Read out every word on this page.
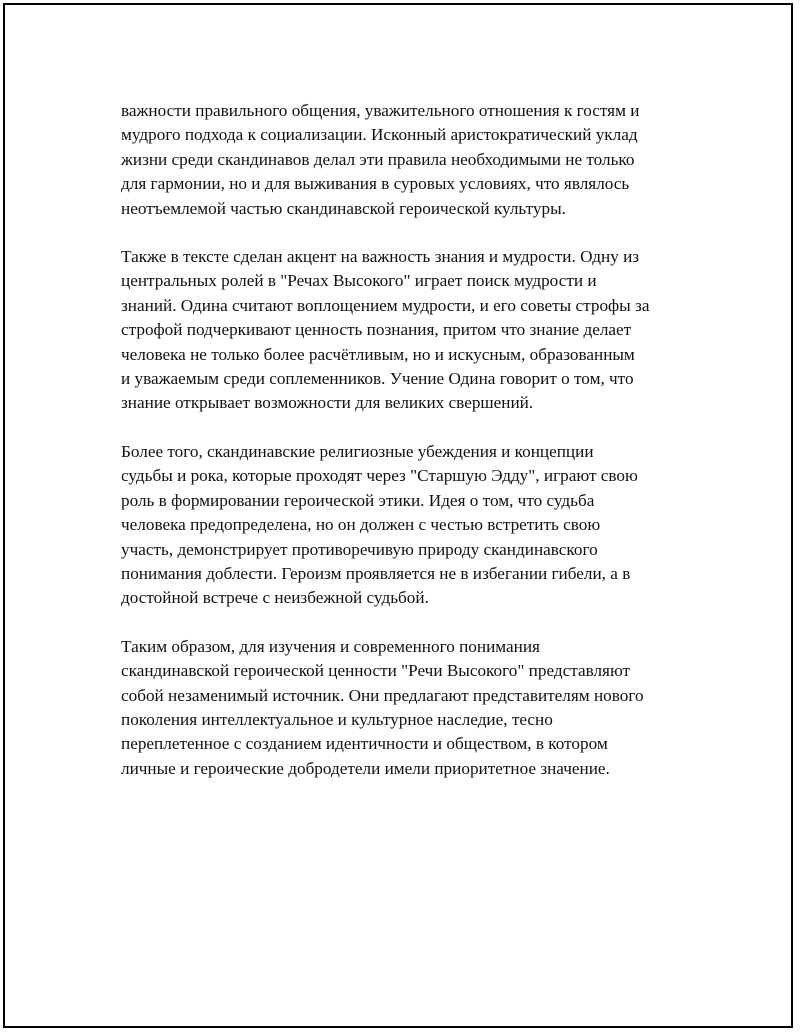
важности правильного общения, уважительного отношения к гостям и
мудрого подхода к социализации. Исконный аристократический уклад
жизни среди скандинавов делал эти правила необходимыми не только
для гармонии, но и для выживания в суровых условиях, что являлось
неотъемлемой частью скандинавской героической культуры.

Также в тексте сделан акцент на важность знания и мудрости. Одну из
центральных ролей в "Речах Высокого" играет поиск мудрости и
знаний. Одина считают воплощением мудрости, и его советы строфы за
строфой подчеркивают ценность познания, притом что знание делает
человека не только более расчётливым, но и искусным, образованным
и уважаемым среди соплеменников. Учение Одина говорит о том, что
знание открывает возможности для великих свершений.

Более того, скандинавские религиозные убеждения и концепции
судьбы и рока, которые проходят через "Старшую Эдду", играют свою
роль в формировании героической этики. Идея о том, что судьба
человека предопределена, но он должен с честью встретить свою
участь, демонстрирует противоречивую природу скандинавского
понимания доблести. Героизм проявляется не в избегании гибели, а в
достойной встрече с неизбежной судьбой.

Таким образом, для изучения и современного понимания
скандинавской героической ценности "Речи Высокого" представляют
собой незаменимый источник. Они предлагают представителям нового
поколения интеллектуальное и культурное наследие, тесно
переплетенное с созданием идентичности и обществом, в котором
личные и героические добродетели имели приоритетное значение.
